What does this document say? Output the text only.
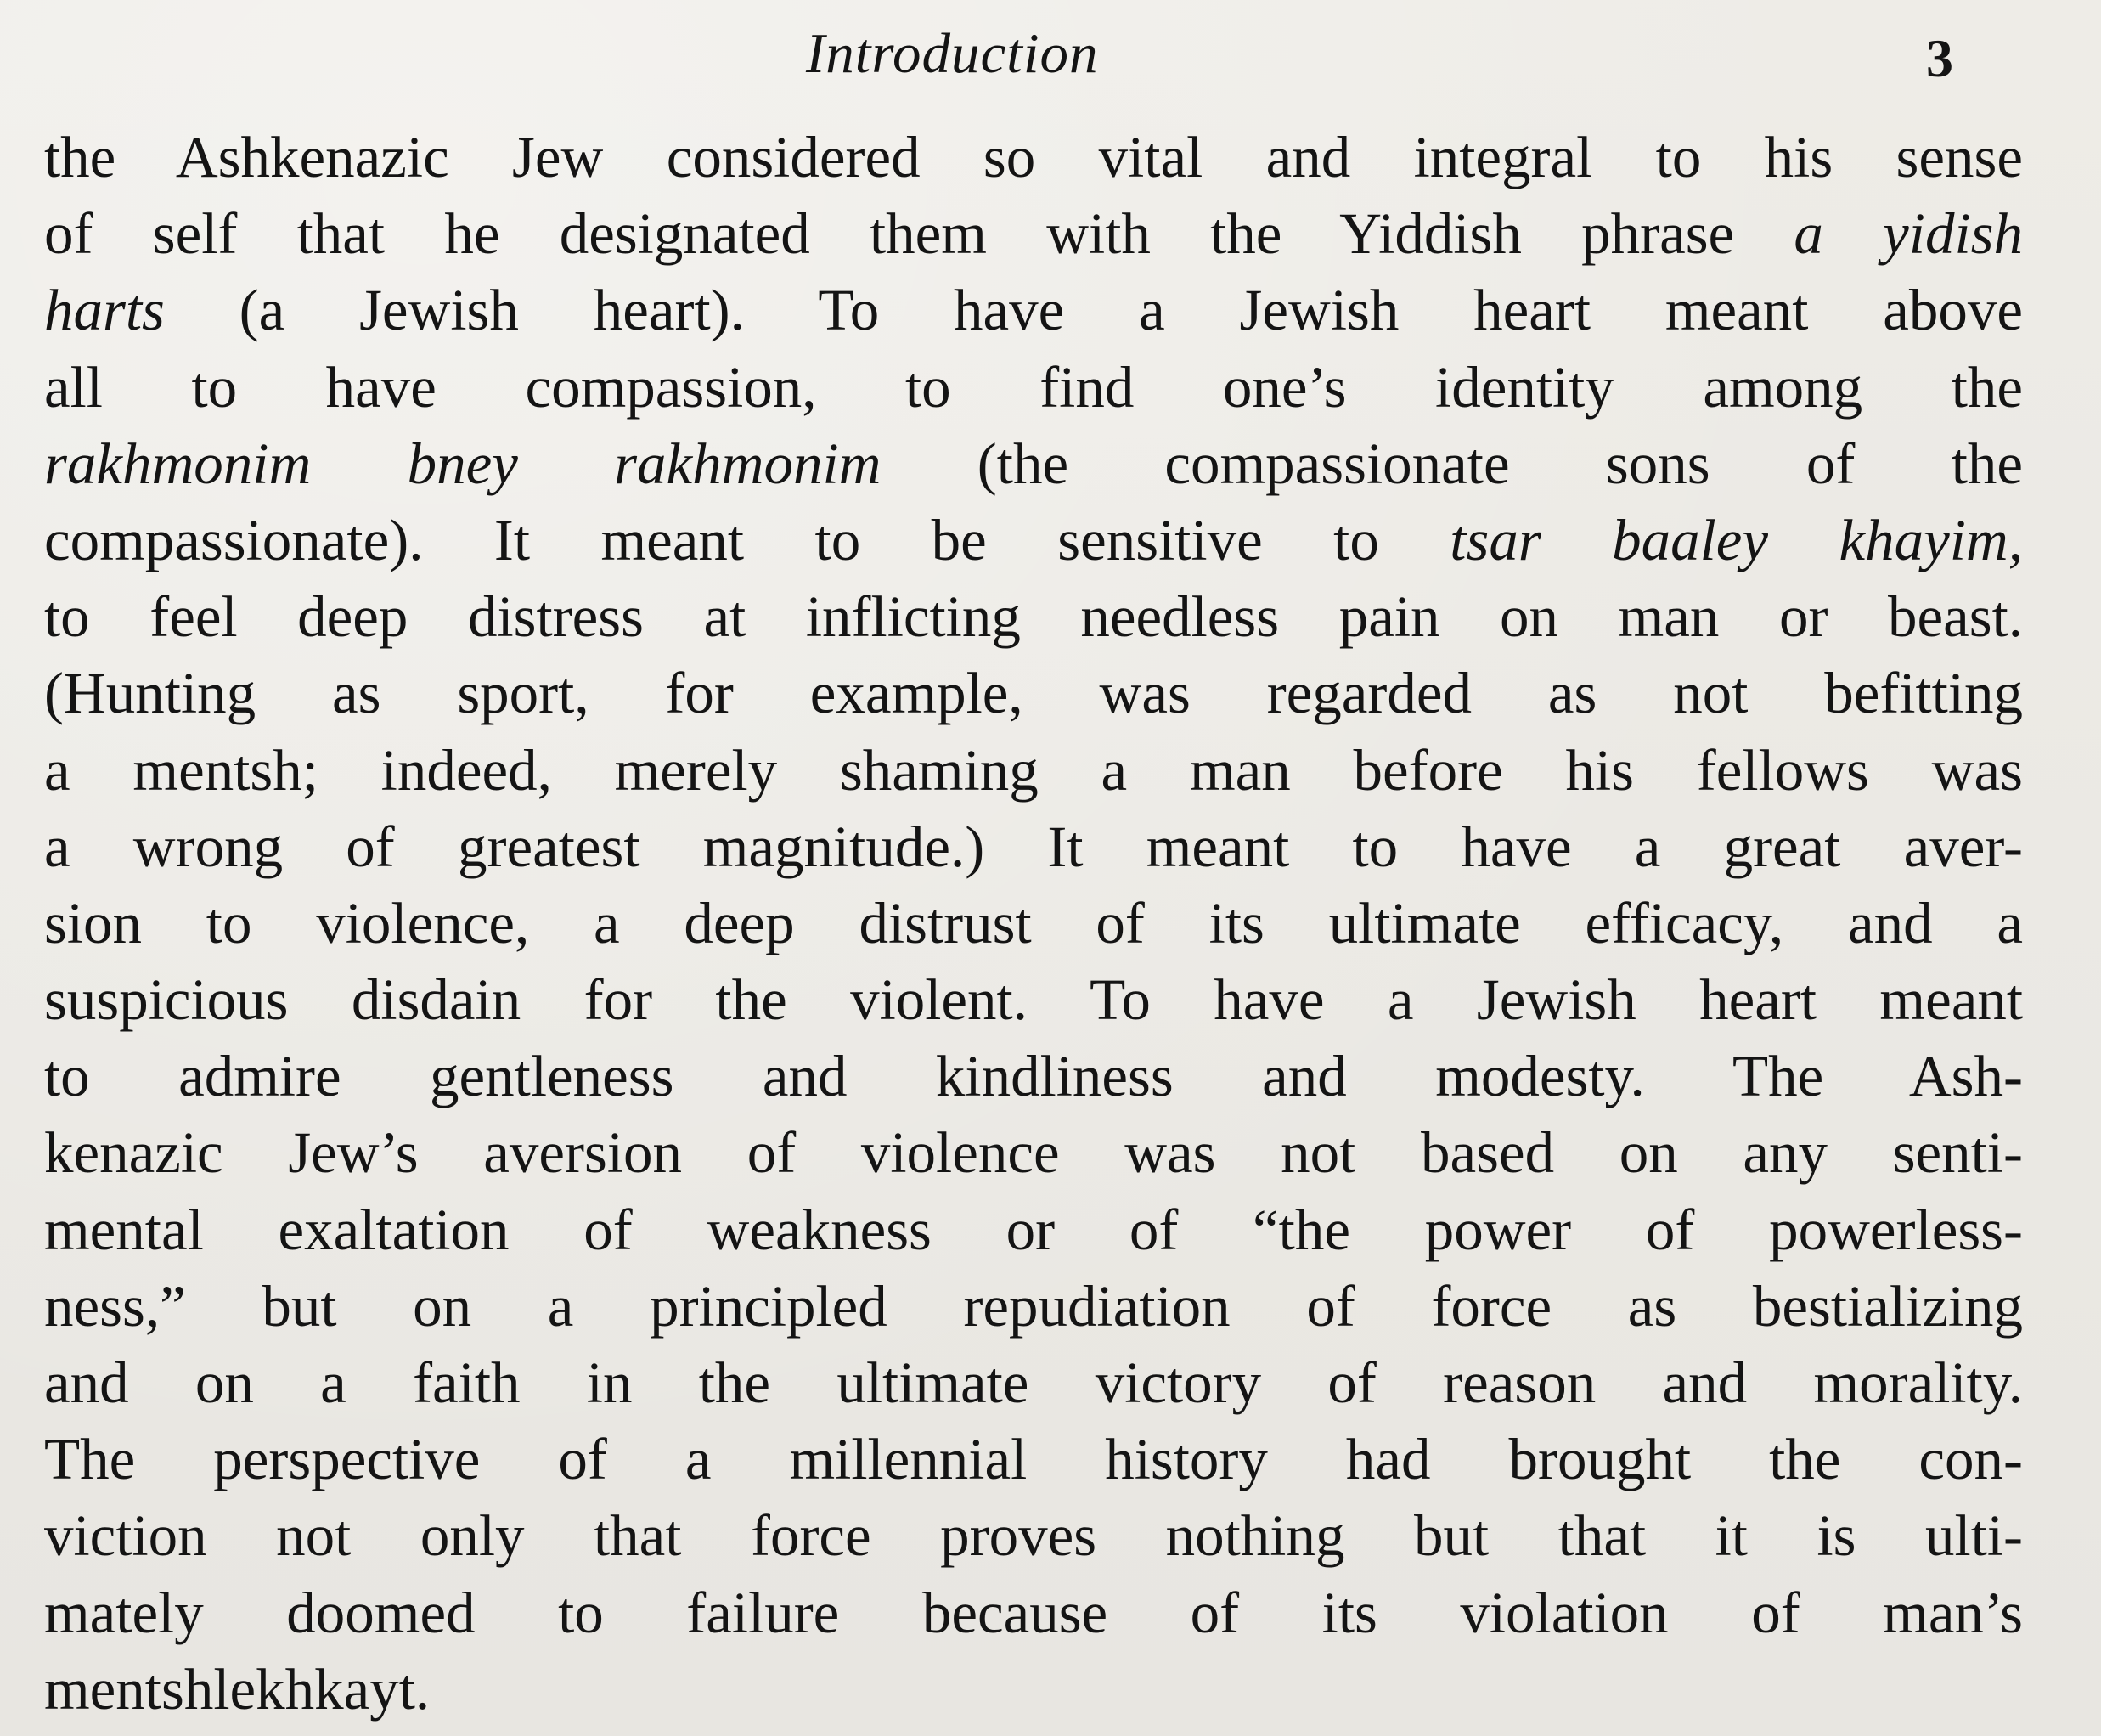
Introduction	3
the Ashkenazic Jew considered so vital and integral to his sense
of self that he designated them with the Yiddish phrase a yidish
harts (a Jewish heart). To have a Jewish heart meant above
all to have compassion, to find one’s identity among the
rakhmonim bney rakhmonim (the compassionate sons of the
compassionate). It meant to be sensitive to tsar baaley khayim,
to feel deep distress at inflicting needless pain on man or beast.
(Hunting as sport, for example, was regarded as not befitting
a mentsh; indeed, merely shaming a man before his fellows was
a wrong of greatest magnitude.) It meant to have a great aver-
sion to violence, a deep distrust of its ultimate efficacy, and a
suspicious disdain for the violent. To have a Jewish heart meant
to admire gentleness and kindliness and modesty. The Ash-
kenazic Jew’s aversion of violence was not based on any senti-
mental exaltation of weakness or of “the power of powerless-
ness,” but on a principled repudiation of force as bestializing
and on a faith in the ultimate victory of reason and morality.
The perspective of a millennial history had brought the con-
viction not only that force proves nothing but that it is ulti-
mately doomed to failure because of its violation of man’s
mentshlekhkayt.
